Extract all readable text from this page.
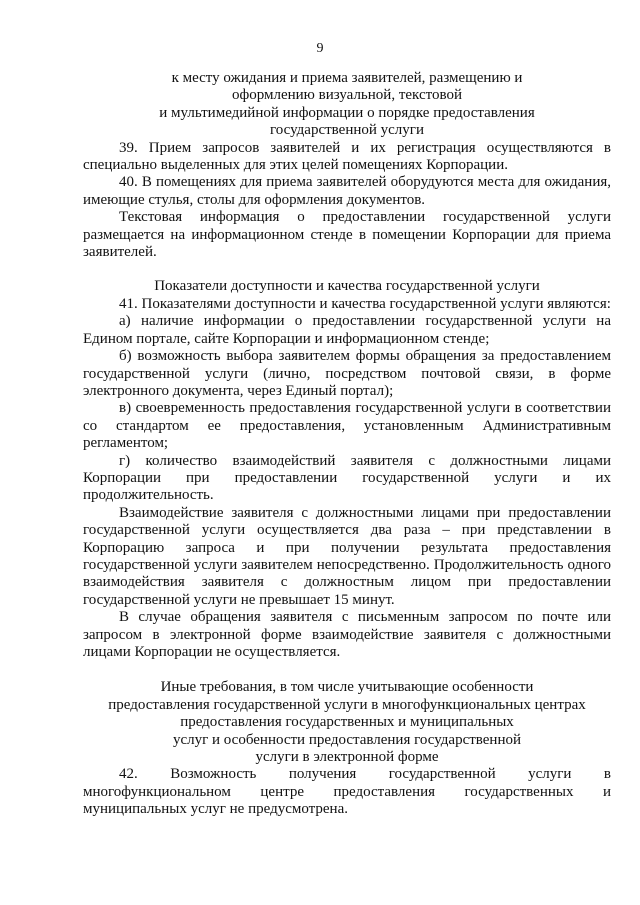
9
к месту ожидания и приема заявителей, размещению и
оформлению визуальной, текстовой
и мультимедийной информации о порядке предоставления
государственной услуги

39. Прием запросов заявителей и их регистрация осуществляются в специально выделенных для этих целей помещениях Корпорации.

40. В помещениях для приема заявителей оборудуются места для ожидания, имеющие стулья, столы для оформления документов.

Текстовая информация о предоставлении государственной услуги размещается на информационном стенде в помещении Корпорации для приема заявителей.

Показатели доступности и качества государственной услуги

41. Показателями доступности и качества государственной услуги являются:

а) наличие информации о предоставлении государственной услуги на Едином портале, сайте Корпорации и информационном стенде;

б) возможность выбора заявителем формы обращения за предоставлением государственной услуги (лично, посредством почтовой связи, в форме электронного документа, через Единый портал);

в) своевременность предоставления государственной услуги в соответствии со стандартом ее предоставления, установленным Административным регламентом;

г) количество взаимодействий заявителя с должностными лицами Корпорации при предоставлении государственной услуги и их продолжительность.

Взаимодействие заявителя с должностными лицами при предоставлении государственной услуги осуществляется два раза – при представлении в Корпорацию запроса и при получении результата предоставления государственной услуги заявителем непосредственно. Продолжительность одного взаимодействия заявителя с должностным лицом при предоставлении государственной услуги не превышает 15 минут.

В случае обращения заявителя с письменным запросом по почте или запросом в электронной форме взаимодействие заявителя с должностными лицами Корпорации не осуществляется.

Иные требования, в том числе учитывающие особенности
предоставления государственной услуги в многофункциональных центрах
предоставления государственных и муниципальных
услуг и особенности предоставления государственной
услуги в электронной форме

42. Возможность получения государственной услуги в многофункциональном центре предоставления государственных и муниципальных услуг не предусмотрена.
